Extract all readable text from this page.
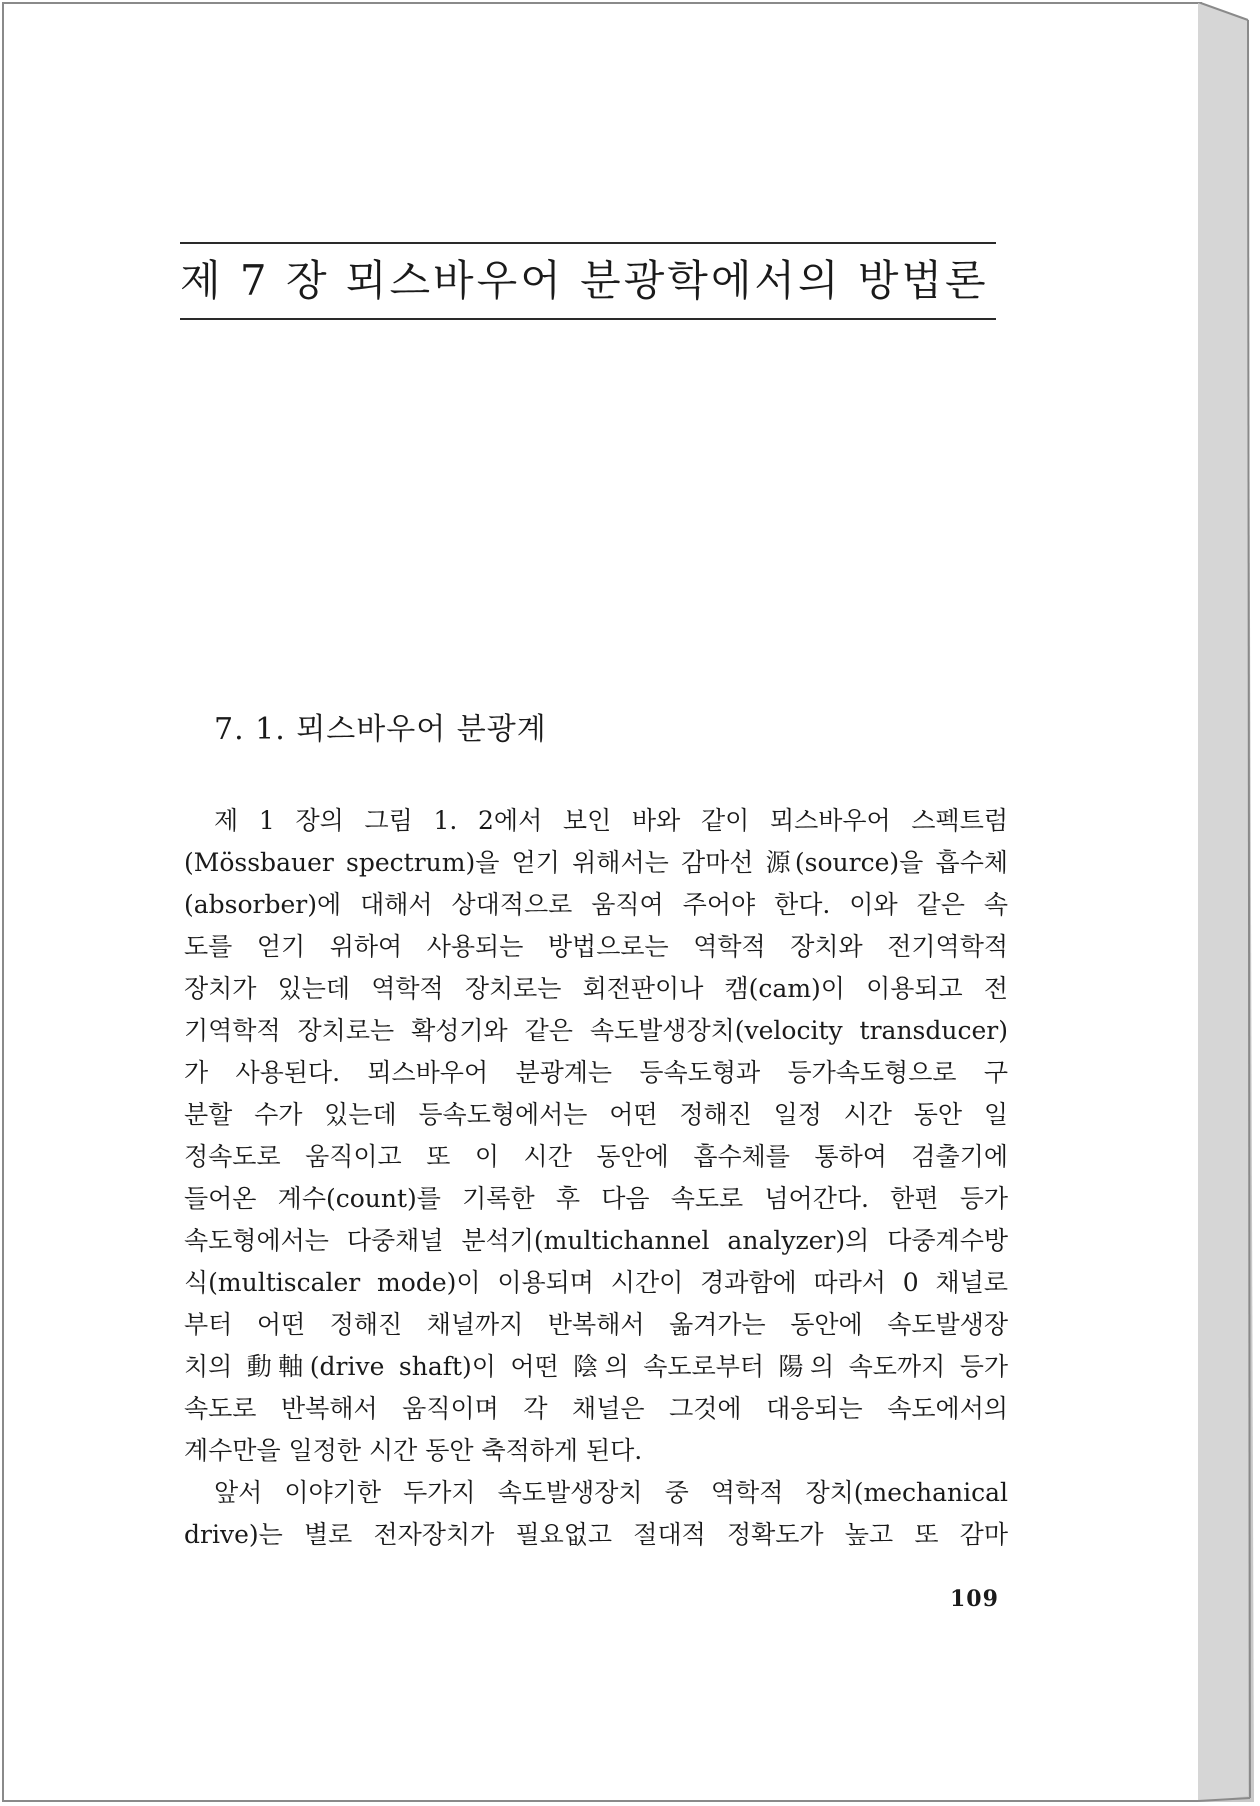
제 7 장 뫼스바우어 분광학에서의 방법론
7. 1. 뫼스바우어 분광계
제 1 장의 그림 1. 2에서 보인 바와 같이 뫼스바우어 스펙트럼
(Mössbauer spectrum)을 얻기 위해서는 감마선 源(source)을 흡수체
(absorber)에 대해서 상대적으로 움직여 주어야 한다. 이와 같은 속
도를 얻기 위하여 사용되는 방법으로는 역학적 장치와 전기역학적
장치가 있는데 역학적 장치로는 회전판이나 캠(cam)이 이용되고 전
기역학적 장치로는 확성기와 같은 속도발생장치(velocity transducer)
가 사용된다. 뫼스바우어 분광계는 등속도형과 등가속도형으로 구
분할 수가 있는데 등속도형에서는 어떤 정해진 일정 시간 동안 일
정속도로 움직이고 또 이 시간 동안에 흡수체를 통하여 검출기에
들어온 계수(count)를 기록한 후 다음 속도로 넘어간다. 한편 등가
속도형에서는 다중채널 분석기(multichannel analyzer)의 다중계수방
식(multiscaler mode)이 이용되며 시간이 경과함에 따라서 0 채널로
부터 어떤 정해진 채널까지 반복해서 옮겨가는 동안에 속도발생장
치의 動軸(drive shaft)이 어떤 陰의 속도로부터 陽의 속도까지 등가
속도로 반복해서 움직이며 각 채널은 그것에 대응되는 속도에서의
계수만을 일정한 시간 동안 축적하게 된다.
앞서 이야기한 두가지 속도발생장치 중 역학적 장치(mechanical
drive)는 별로 전자장치가 필요없고 절대적 정확도가 높고 또 감마
109
